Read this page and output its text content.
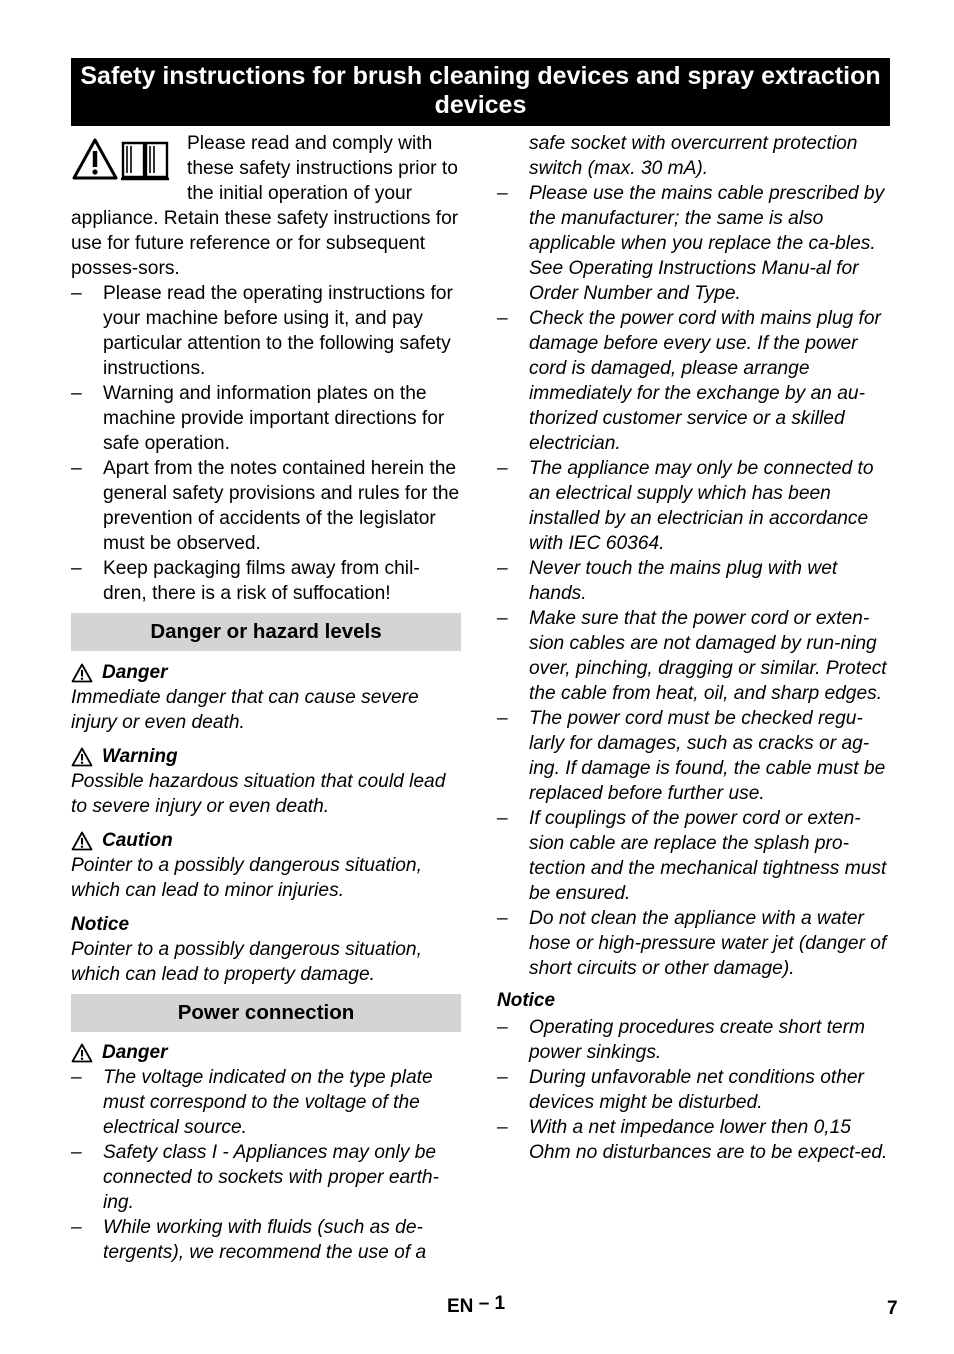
Safety instructions for brush cleaning devices and spray extraction devices
Please read and comply with these safety instructions prior to the initial operation of your appliance. Retain these safety instructions for use for future reference or for subsequent posses-sors.
– Please read the operating instructions for your machine before using it, and pay particular attention to the following safety instructions.
– Warning and information plates on the machine provide important directions for safe operation.
– Apart from the notes contained herein the general safety provisions and rules for the prevention of accidents of the legislator must be observed.
– Keep packaging films away from chil-dren, there is a risk of suffocation!
Danger or hazard levels
Danger
Immediate danger that can cause severe injury or even death.
Warning
Possible hazardous situation that could lead to severe injury or even death.
Caution
Pointer to a possibly dangerous situation, which can lead to minor injuries.
Notice
Pointer to a possibly dangerous situation, which can lead to property damage.
Power connection
Danger
– The voltage indicated on the type plate must correspond to the voltage of the electrical source.
– Safety class I - Appliances may only be connected to sockets with proper earth-ing.
– While working with fluids (such as de-tergents), we recommend the use of a
safe socket with overcurrent protection switch (max. 30 mA).
– Please use the mains cable prescribed by the manufacturer; the same is also applicable when you replace the ca-bles. See Operating Instructions Manu-al for Order Number and Type.
– Check the power cord with mains plug for damage before every use. If the power cord is damaged, please arrange immediately for the exchange by an au-thorized customer service or a skilled electrician.
– The appliance may only be connected to an electrical supply which has been installed by an electrician in accordance with IEC 60364.
– Never touch the mains plug with wet hands.
– Make sure that the power cord or exten-sion cables are not damaged by run-ning over, pinching, dragging or similar. Protect the cable from heat, oil, and sharp edges.
– The power cord must be checked regu-larly for damages, such as cracks or ag-ing. If damage is found, the cable must be replaced before further use.
– If couplings of the power cord or exten-sion cable are replace the splash pro-tection and the mechanical tightness must be ensured.
– Do not clean the appliance with a water hose or high-pressure water jet (danger of short circuits or other damage).
Notice
– Operating procedures create short term power sinkings.
– During unfavorable net conditions other devices might be disturbed.
– With a net impedance lower then 0,15 Ohm no disturbances are to be expect-ed.
EN – 1	7
